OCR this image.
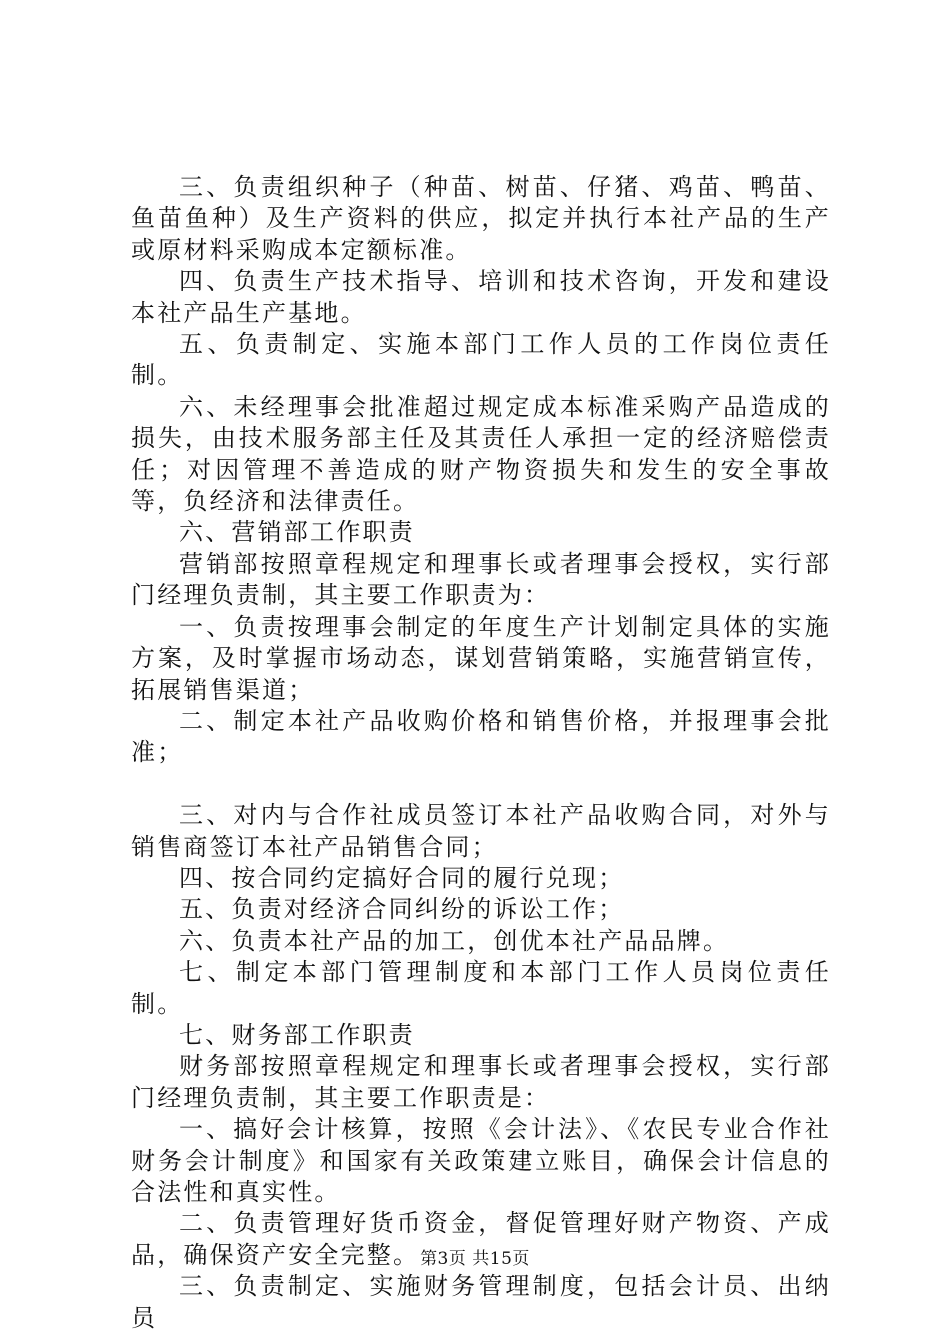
三、负责组织种子（种苗、树苗、仔猪、鸡苗、鸭苗、鱼苗鱼种）及生产资料的供应，拟定并执行本社产品的生产或原材料采购成本定额标准。

四、负责生产技术指导、培训和技术咨询，开发和建设本社产品生产基地。

五、负责制定、实施本部门工作人员的工作岗位责任制。

六、未经理事会批准超过规定成本标准采购产品造成的损失，由技术服务部主任及其责任人承担一定的经济赔偿责任；对因管理不善造成的财产物资损失和发生的安全事故等，负经济和法律责任。

六、营销部工作职责

营销部按照章程规定和理事长或者理事会授权，实行部门经理负责制，其主要工作职责为：

一、负责按理事会制定的年度生产计划制定具体的实施方案，及时掌握市场动态，谋划营销策略，实施营销宣传，拓展销售渠道；

二、制定本社产品收购价格和销售价格，并报理事会批准；

三、对内与合作社成员签订本社产品收购合同，对外与销售商签订本社产品销售合同；

四、按合同约定搞好合同的履行兑现；

五、负责对经济合同纠纷的诉讼工作；

六、负责本社产品的加工，创优本社产品品牌。

七、制定本部门管理制度和本部门工作人员岗位责任制。

七、财务部工作职责

财务部按照章程规定和理事长或者理事会授权，实行部门经理负责制，其主要工作职责是：

一、搞好会计核算，按照《会计法》、《农民专业合作社财务会计制度》和国家有关政策建立账目，确保会计信息的合法性和真实性。

二、负责管理好货币资金，督促管理好财产物资、产成品，确保资产安全完整。

三、负责制定、实施财务管理制度，包括会计员、出纳员

第3页 共15页
